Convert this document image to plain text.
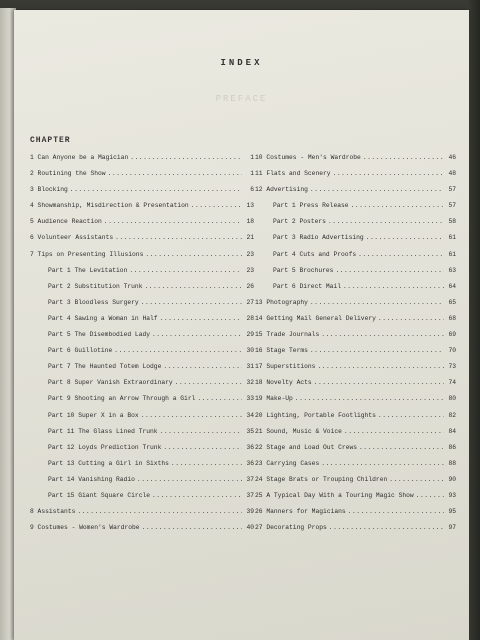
INDEX
PREFACE
CHAPTER
1 Can Anyone be a Magician .....	1
2 Routining the Show .....	1
3 Blocking .....	6
4 Showmanship, Misdirection & Presentation .....	13
5 Audience Reaction .....	18
6 Volunteer Assistants .....	21
7 Tips on Presenting Illusions .....	23
Part 1 The Levitation .....	23
Part 2 Substitution Trunk .....	26
Part 3 Bloodless Surgery .....	27
Part 4 Sawing a Woman in Half .....	28
Part 5 The Disembodied Lady .....	29
Part 6 Guillotine .....	30
Part 7 The Haunted Totem Lodge .....	31
Part 8 Super Vanish Extraordinary .....	32
Part 9 Shooting an Arrow Through a Girl .....	33
Part 10 Super X in a Box .....	34
Part 11 The Glass Lined Trunk .....	35
Part 12 Loyds Prediction Trunk .....	36
Part 13 Cutting a Girl in Sixths .....	36
Part 14 Vanishing Radio .....	37
Part 15 Giant Square Circle .....	37
8 Assistants .....	39
9 Costumes - Women's Wardrobe .....	40
10 Costumes - Men's Wardrobe .....	46
11 Flats and Scenery .....	48
12 Advertising .....	57
Part 1 Press Release .....	57
Part 2 Posters .....	58
Part 3 Radio Advertising .....	61
Part 4 Cuts and Proofs .....	61
Part 5 Brochures .....	63
Part 6 Direct Mail .....	64
13 Photography .....	65
14 Getting Mail General Delivery .....	68
15 Trade Journals .....	69
16 Stage Terms .....	70
17 Superstitions .....	73
18 Novelty Acts .....	74
19 Make-Up .....	80
20 Lighting, Portable Footlights .....	82
21 Sound, Music & Voice .....	84
22 Stage and Load Out Crews .....	86
23 Carrying Cases .....	88
24 Stage Brats or Trouping Children .....	90
25 A Typical Day With a Touring Magic Show .....	93
26 Manners for Magicians .....	95
27 Decorating Props .....	97
